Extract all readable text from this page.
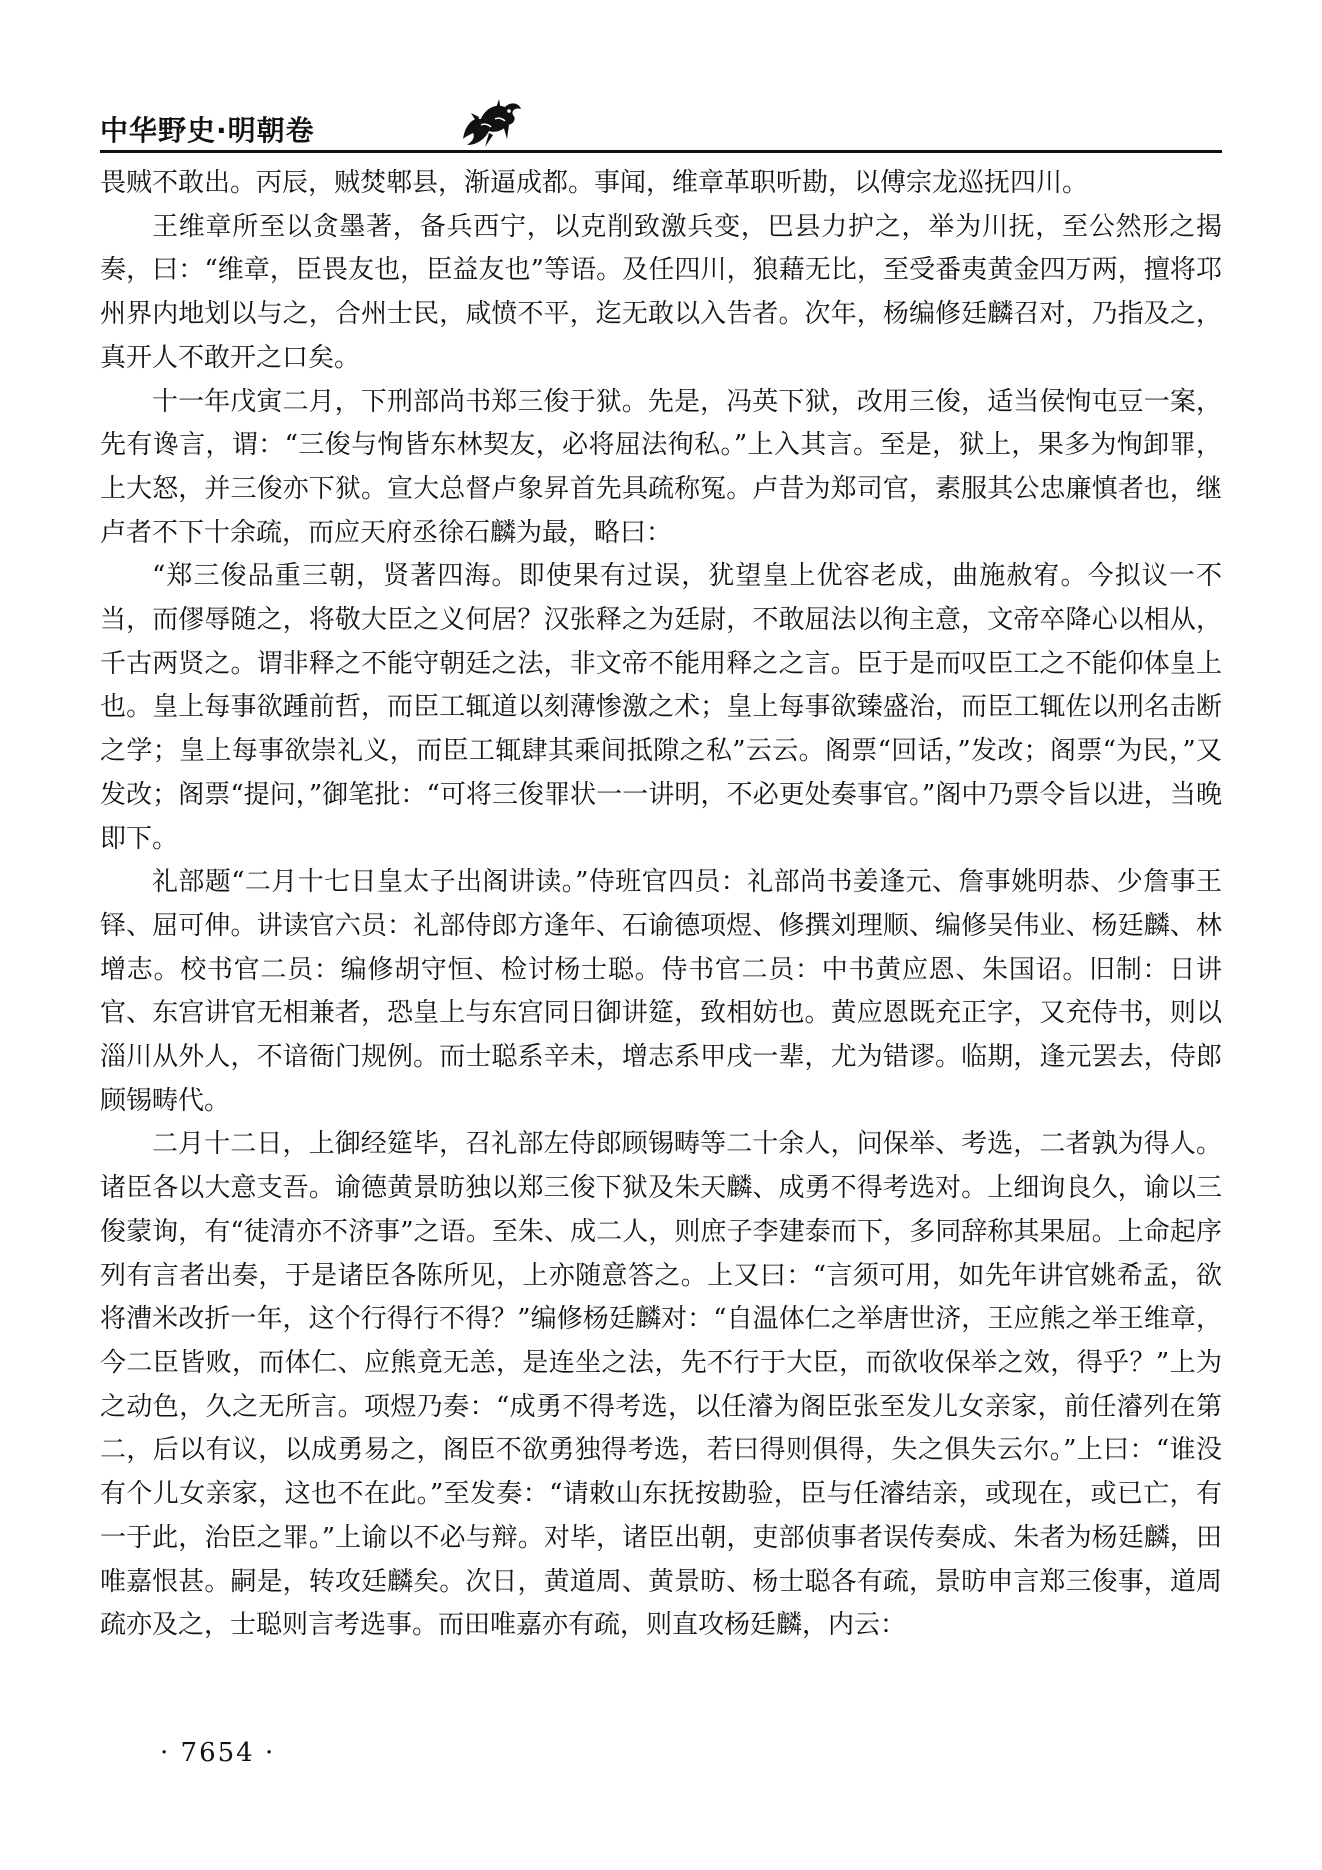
中华野史·明朝卷

畏贼不敢出。丙辰，贼焚郫县，渐逼成都。事闻，维章革职听勘，以傅宗龙巡抚四川。

王维章所至以贪墨著，备兵西宁，以克削致激兵变，巴县力护之，举为川抚，至公然形之揭奏，曰：“维章，臣畏友也，臣益友也”等语。及任四川，狼藉无比，至受番夷黄金四万两，擅将邛州界内地划以与之，合州士民，咸愤不平，迄无敢以入告者。次年，杨编修廷麟召对，乃指及之，真开人不敢开之口矣。

十一年戊寅二月，下刑部尚书郑三俊于狱。先是，冯英下狱，改用三俊，适当侯恂屯豆一案，先有谗言，谓：“三俊与恂皆东林契友，必将屈法徇私。”上入其言。至是，狱上，果多为恂卸罪，上大怒，并三俊亦下狱。宣大总督卢象昇首先具疏称冤。卢昔为郑司官，素服其公忠廉慎者也，继卢者不下十余疏，而应天府丞徐石麟为最，略曰：

“郑三俊品重三朝，贤著四海。即使果有过误，犹望皇上优容老成，曲施赦宥。今拟议一不当，而僇辱随之，将敬大臣之义何居？汉张释之为廷尉，不敢屈法以徇主意，文帝卒降心以相从，千古两贤之。谓非释之不能守朝廷之法，非文帝不能用释之之言。臣于是而叹臣工之不能仰体皇上也。皇上每事欲踵前哲，而臣工辄道以刻薄惨激之术；皇上每事欲臻盛治，而臣工辄佐以刑名击断之学；皇上每事欲崇礼义，而臣工辄肆其乘间抵隙之私”云云。阁票“回话，”发改；阁票“为民，”又发改；阁票“提问，”御笔批：“可将三俊罪状一一讲明，不必更处奏事官。”阁中乃票令旨以进，当晚即下。

礼部题“二月十七日皇太子出阁讲读。”侍班官四员：礼部尚书姜逢元、詹事姚明恭、少詹事王铎、屈可伸。讲读官六员：礼部侍郎方逢年、石谕德项煜、修撰刘理顺、编修吴伟业、杨廷麟、林增志。校书官二员：编修胡守恒、检讨杨士聪。侍书官二员：中书黄应恩、朱国诏。旧制：日讲官、东宫讲官无相兼者，恐皇上与东宫同日御讲筵，致相妨也。黄应恩既充正字，又充侍书，则以淄川从外人，不谙衙门规例。而士聪系辛未，增志系甲戌一辈，尤为错谬。临期，逢元罢去，侍郎顾锡畴代。

二月十二日，上御经筵毕，召礼部左侍郎顾锡畴等二十余人，问保举、考选，二者孰为得人。诸臣各以大意支吾。谕德黄景昉独以郑三俊下狱及朱天麟、成勇不得考选对。上细询良久，谕以三俊蒙询，有“徒清亦不济事”之语。至朱、成二人，则庶子李建泰而下，多同辞称其果屈。上命起序列有言者出奏，于是诸臣各陈所见，上亦随意答之。上又曰：“言须可用，如先年讲官姚希孟，欲将漕米改折一年，这个行得行不得？”编修杨廷麟对：“自温体仁之举唐世济，王应熊之举王维章，今二臣皆败，而体仁、应熊竟无恙，是连坐之法，先不行于大臣，而欲收保举之效，得乎？”上为之动色，久之无所言。项煜乃奏：“成勇不得考选，以任濬为阁臣张至发儿女亲家，前任濬列在第二，后以有议，以成勇易之，阁臣不欲勇独得考选，若曰得则俱得，失之俱失云尔。”上曰：“谁没有个儿女亲家，这也不在此。”至发奏：“请敕山东抚按勘验，臣与任濬结亲，或现在，或已亡，有一于此，治臣之罪。”上谕以不必与辩。对毕，诸臣出朝，吏部侦事者误传奏成、朱者为杨廷麟，田唯嘉恨甚。嗣是，转攻廷麟矣。次日，黄道周、黄景昉、杨士聪各有疏，景昉申言郑三俊事，道周疏亦及之，士聪则言考选事。而田唯嘉亦有疏，则直攻杨廷麟，内云：

· 7654 ·
